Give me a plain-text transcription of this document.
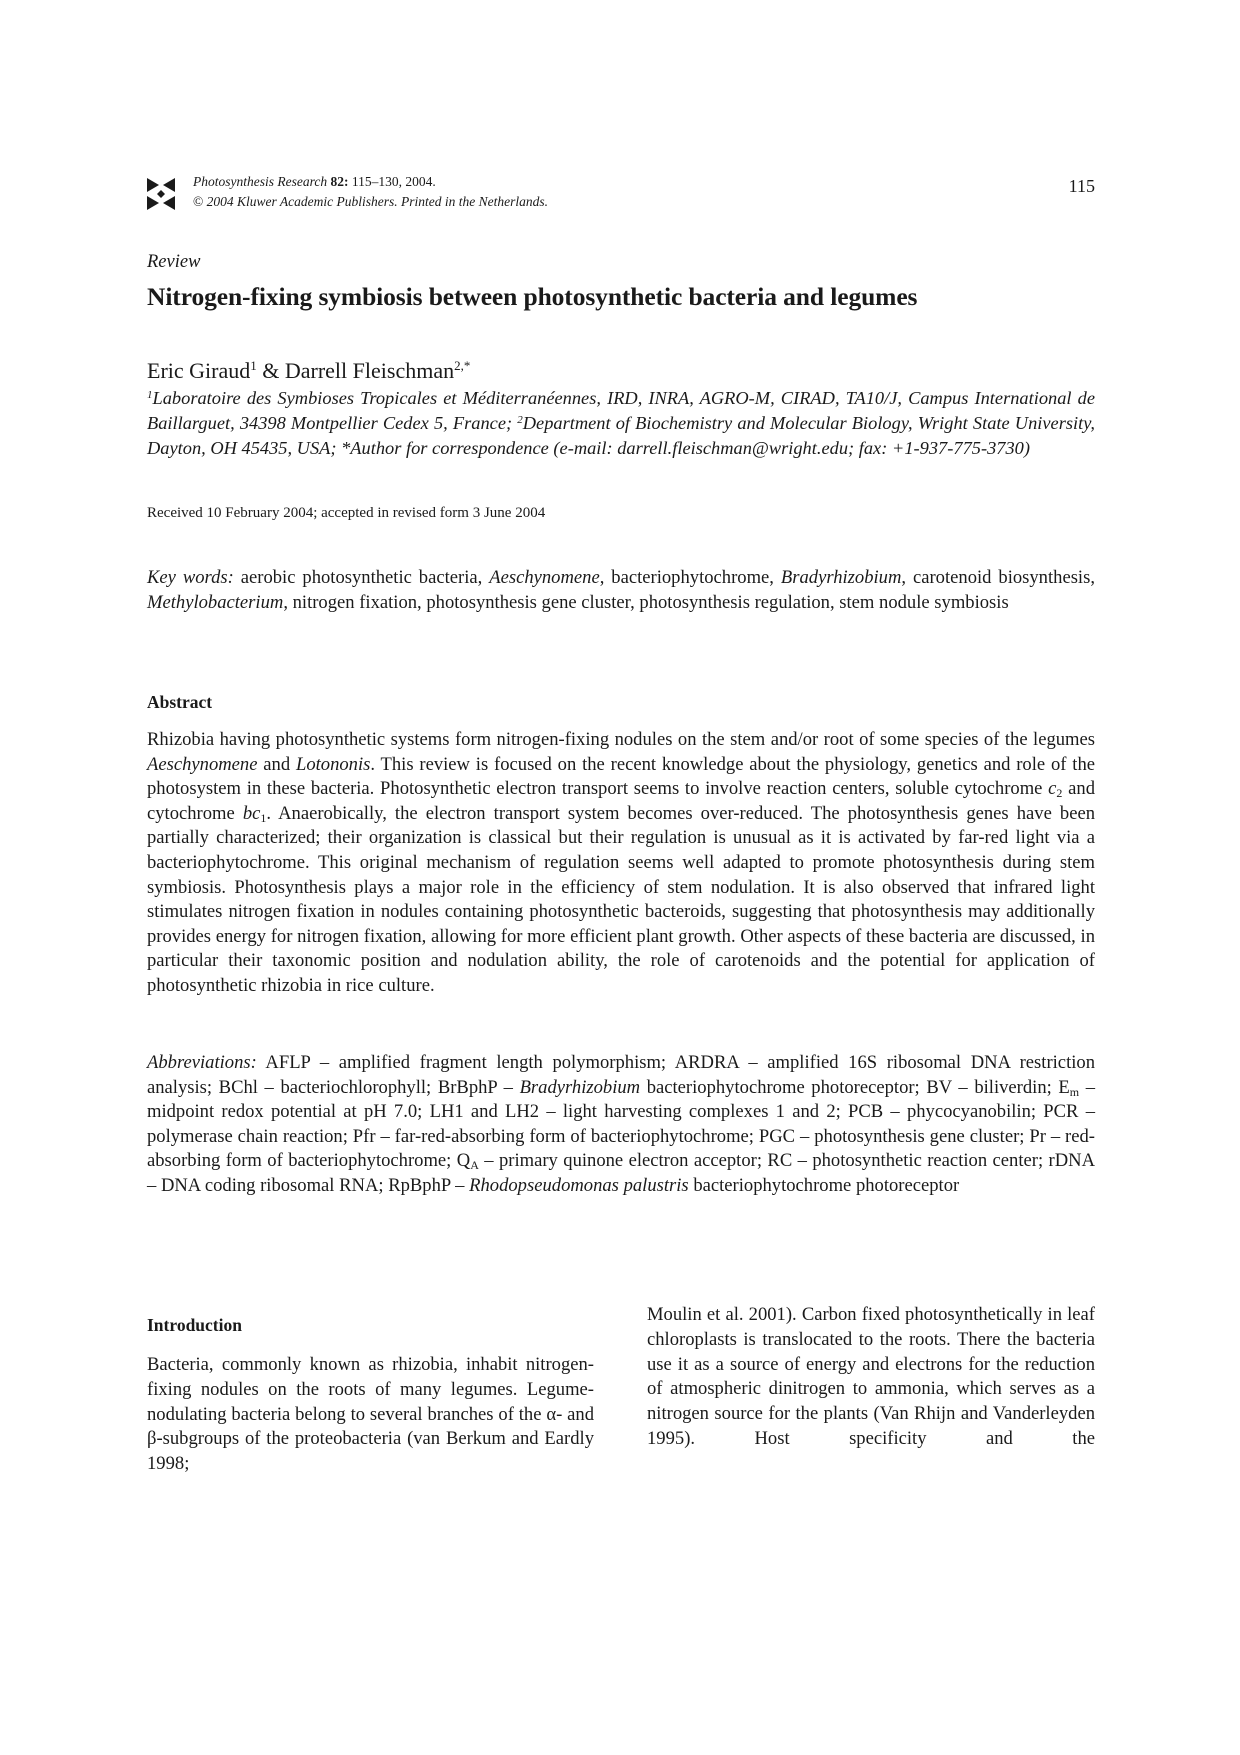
Photosynthesis Research 82: 115–130, 2004.
© 2004 Kluwer Academic Publishers. Printed in the Netherlands.
115
Review
Nitrogen-fixing symbiosis between photosynthetic bacteria and legumes
Eric Giraud$^1$ & Darrell Fleischman$^{2,*}$
$^1$Laboratoire des Symbioses Tropicales et Méditerranéennes, IRD, INRA, AGRO-M, CIRAD, TA10/J, Campus International de Baillarguet, 34398 Montpellier Cedex 5, France; $^2$Department of Biochemistry and Molecular Biology, Wright State University, Dayton, OH 45435, USA; *Author for correspondence (e-mail: darrell.fleischman@wright.edu; fax: +1-937-775-3730)
Received 10 February 2004; accepted in revised form 3 June 2004
Key words: aerobic photosynthetic bacteria, Aeschynomene, bacteriophytochrome, Bradyrhizobium, carotenoid biosynthesis, Methylobacterium, nitrogen fixation, photosynthesis gene cluster, photosynthesis regulation, stem nodule symbiosis
Abstract
Rhizobia having photosynthetic systems form nitrogen-fixing nodules on the stem and/or root of some species of the legumes Aeschynomene and Lotononis. This review is focused on the recent knowledge about the physiology, genetics and role of the photosystem in these bacteria. Photosynthetic electron transport seems to involve reaction centers, soluble cytochrome $c_2$ and cytochrome $bc_1$. Anaerobically, the electron transport system becomes over-reduced. The photosynthesis genes have been partially characterized; their organization is classical but their regulation is unusual as it is activated by far-red light via a bacteriophytochrome. This original mechanism of regulation seems well adapted to promote photosynthesis during stem symbiosis. Photosynthesis plays a major role in the efficiency of stem nodulation. It is also observed that infrared light stimulates nitrogen fixation in nodules containing photosynthetic bacteroids, suggesting that photosynthesis may additionally provides energy for nitrogen fixation, allowing for more efficient plant growth. Other aspects of these bacteria are discussed, in particular their taxonomic position and nodulation ability, the role of carotenoids and the potential for application of photosynthetic rhizobia in rice culture.
Abbreviations: AFLP – amplified fragment length polymorphism; ARDRA – amplified 16S ribosomal DNA restriction analysis; BChl – bacteriochlorophyll; BrBphP – Bradyrhizobium bacteriophytochrome photoreceptor; BV – biliverdin; $E_m$ – midpoint redox potential at pH 7.0; LH1 and LH2 – light harvesting complexes 1 and 2; PCB – phycocyanobilin; PCR – polymerase chain reaction; Pfr – far-red-absorbing form of bacteriophytochrome; PGC – photosynthesis gene cluster; Pr – red-absorbing form of bacteriophytochrome; $Q_A$ – primary quinone electron acceptor; RC – photosynthetic reaction center; rDNA – DNA coding ribosomal RNA; RpBphP – Rhodopseudomonas palustris bacteriophytochrome photoreceptor
Introduction
Bacteria, commonly known as rhizobia, inhabit nitrogen-fixing nodules on the roots of many legumes. Legume-nodulating bacteria belong to several branches of the α- and β-subgroups of the proteobacteria (van Berkum and Eardly 1998;
Moulin et al. 2001). Carbon fixed photosynthetically in leaf chloroplasts is translocated to the roots. There the bacteria use it as a source of energy and electrons for the reduction of atmospheric dinitrogen to ammonia, which serves as a nitrogen source for the plants (Van Rhijn and Vanderleyden 1995). Host specificity and the
